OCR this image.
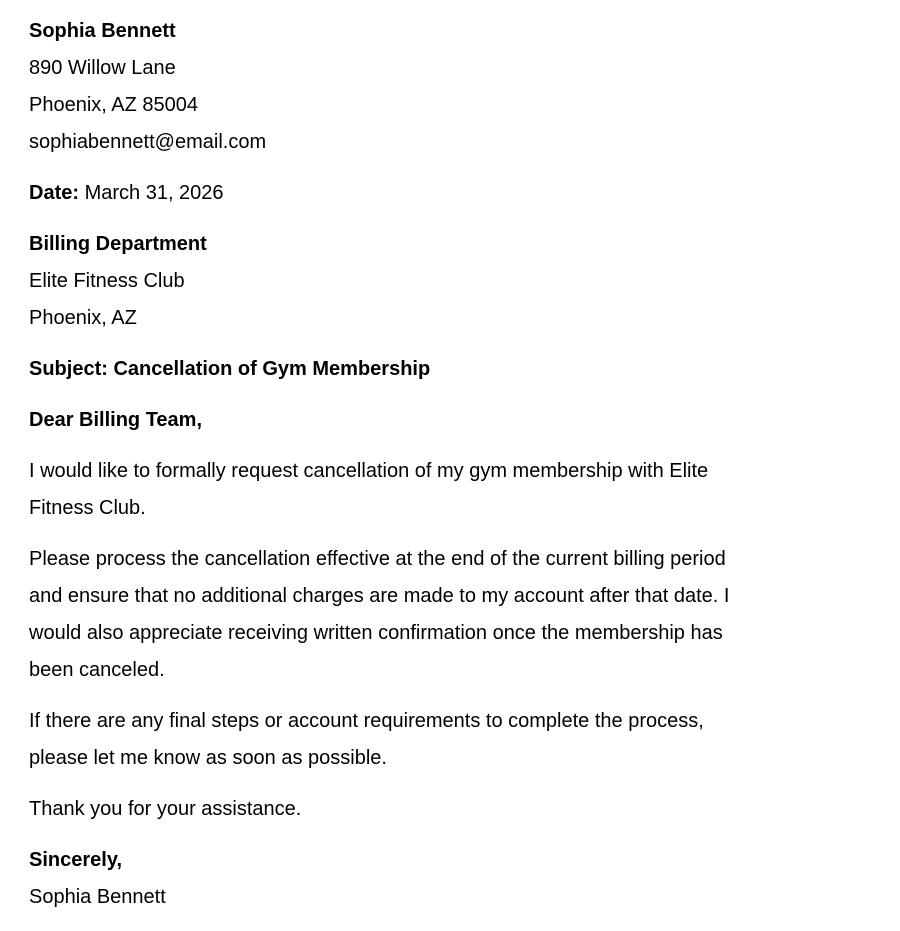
Sophia Bennett
890 Willow Lane
Phoenix, AZ 85004
sophiabennett@email.com
Date: March 31, 2026
Billing Department
Elite Fitness Club
Phoenix, AZ
Subject: Cancellation of Gym Membership
Dear Billing Team,
I would like to formally request cancellation of my gym membership with Elite
Fitness Club.
Please process the cancellation effective at the end of the current billing period
and ensure that no additional charges are made to my account after that date. I
would also appreciate receiving written confirmation once the membership has
been canceled.
If there are any final steps or account requirements to complete the process,
please let me know as soon as possible.
Thank you for your assistance.
Sincerely,
Sophia Bennett
